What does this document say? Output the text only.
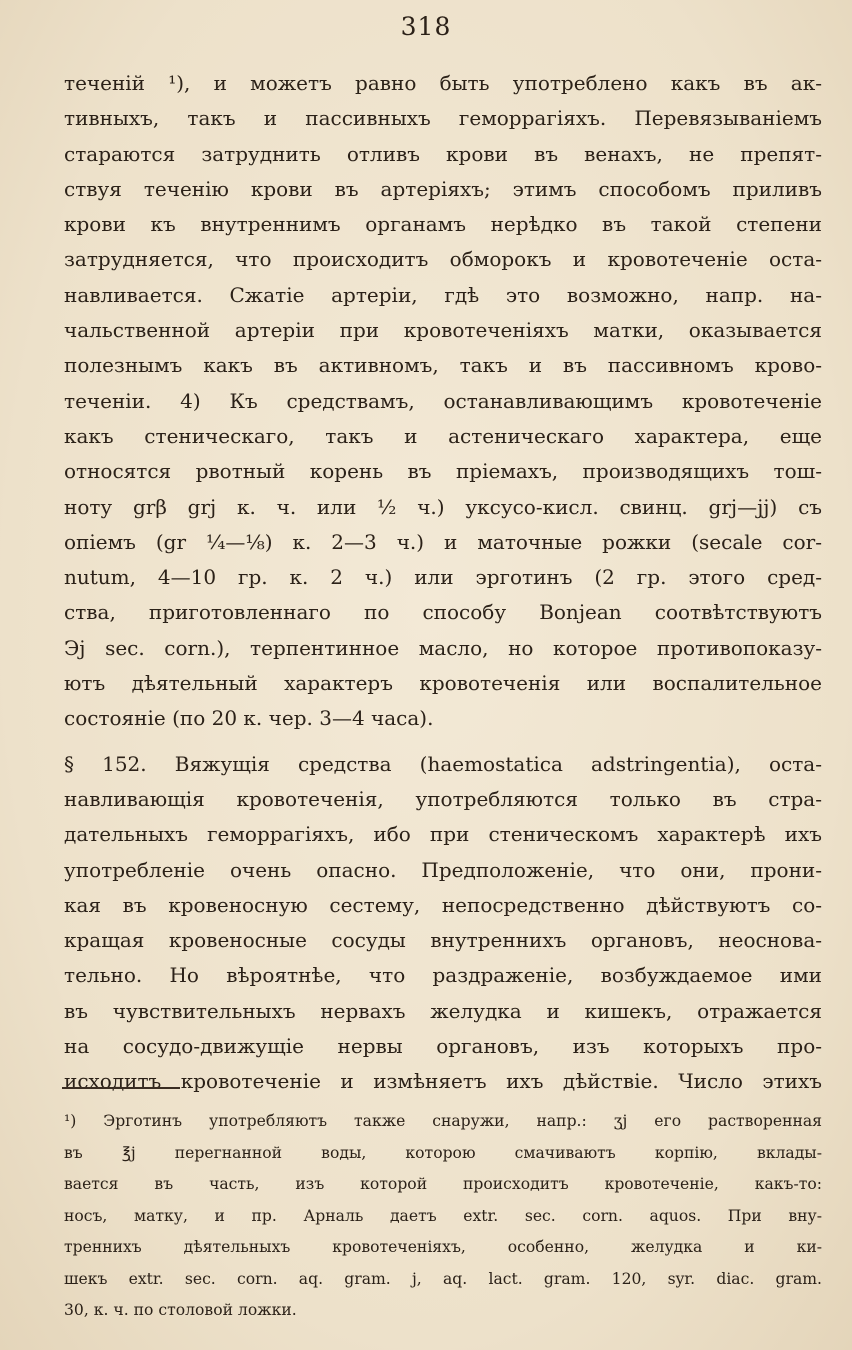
318
теченiй ¹), и можетъ равно быть употреблено какъ въ ак-
тивныхъ, такъ и пассивныхъ геморрагiяхъ. Перевязыванiемъ
стараются затруднить отливъ крови въ венахъ, не препят-
ствуя теченiю крови въ артерiяхъ; этимъ способомъ приливъ
крови къ внутреннимъ органамъ нерѣдко въ такой степени
затрудняется, что происходитъ обморокъ и кровотеченiе оста-
навливается. Сжатiе артерiи, гдѣ это возможно, напр. на-
чальственной артерiи при кровотеченiяхъ матки, оказывается
полезнымъ какъ въ активномъ, такъ и въ пассивномъ крово-
теченiи. 4) Къ средствамъ, останавливающимъ кровотеченiе
какъ стеническаго, такъ и астеническаго характера, еще
относятся рвотный корень въ прiемахъ, производящихъ тош-
ноту grβ grj к. ч. или ½ ч.) уксусо-кисл. свинц. grj—jj) съ
опiемъ (gr ¼—⅛) к. 2—3 ч.) и маточные рожки (secale cor-
nutum, 4—10 гр. к. 2 ч.) или эрготинъ (2 гр. этого сред-
ства, приготовленнаго по способу Bonjean соотвѣтствуютъ
Эj sec. corn.), терпентинное масло, но которое противопоказу-
ютъ дѣятельный характеръ кровотеченiя или воспалительное
состоянiе (по 20 к. чер. 3—4 часа).
§ 152. Вяжущiя средства (haemostatica adstringentia), оста-
навливающiя кровотеченiя, употребляются только въ стра-
дательныхъ геморрагiяхъ, ибо при стеническомъ характерѣ ихъ
употребленiе очень опасно. Предположенiе, что они, прони-
кая въ кровеносную сестему, непосредственно дѣйствуютъ со-
кращая кровеносные сосуды внутреннихъ органовъ, неоснова-
тельно. Но вѣроятнѣе, что раздраженiе, возбуждаемое ими
въ чувствительныхъ нервахъ желудка и кишекъ, отражается
на сосудо-движущiе нервы органовъ, изъ которыхъ про-
исходитъ кровотеченiе и измѣняетъ ихъ дѣйствiе. Число этихъ
¹) Эрготинъ употребляютъ также снаружи, напр.: ʒj его растворенная
въ ℥j перегнанной воды, которою смачиваютъ корпiю, вклады-
вается въ часть, изъ которой происходитъ кровотеченiе, какъ-то:
носъ, матку, и пр. Арналь даетъ extr. sec. corn. aquos. При вну-
треннихъ дѣятельныхъ кровотеченiяхъ, особенно, желудка и ки-
шекъ extr. sec. corn. aq. gram. j, aq. lact. gram. 120, syr. diac. gram.
30, к. ч. по столовой ложки.
